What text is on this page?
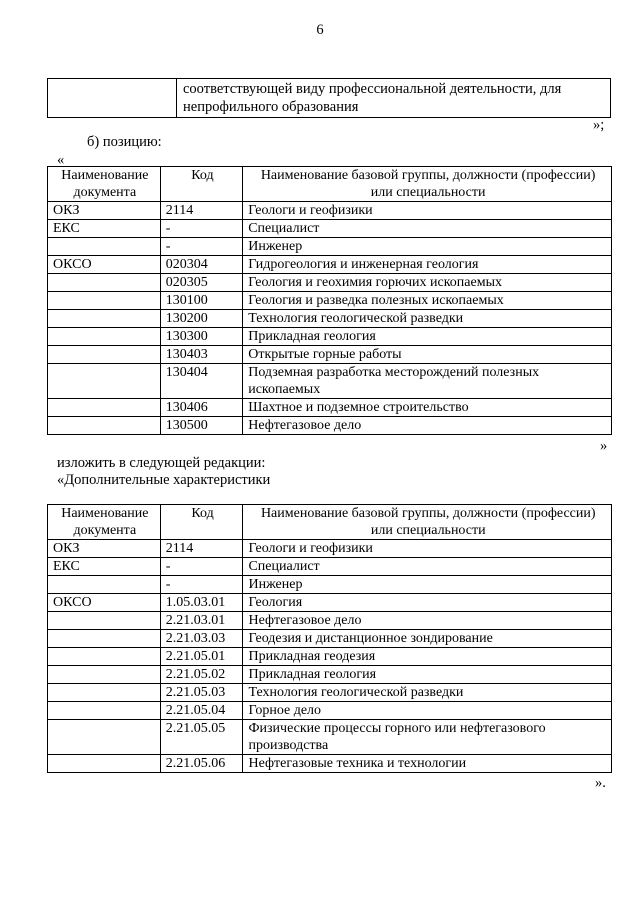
6
	соответствующей виду профессиональной деятельности, для непрофильного образования
»;
б) позицию:
«
Наименование документа	Код	Наименование базовой группы, должности (профессии) или специальности
ОКЗ	2114	Геологи и геофизики
ЕКС	-	Специалист
	-	Инженер
ОКСО	020304	Гидрогеология и инженерная геология
	020305	Геология и геохимия горючих ископаемых
	130100	Геология и разведка полезных ископаемых
	130200	Технология геологической разведки
	130300	Прикладная геология
	130403	Открытые горные работы
	130404	Подземная разработка месторождений полезных ископаемых
	130406	Шахтное и подземное строительство
	130500	Нефтегазовое дело
»
изложить в следующей редакции:
«Дополнительные характеристики
Наименование документа	Код	Наименование базовой группы, должности (профессии) или специальности
ОКЗ	2114	Геологи и геофизики
ЕКС	-	Специалист
	-	Инженер
ОКСО	1.05.03.01	Геология
	2.21.03.01	Нефтегазовое дело
	2.21.03.03	Геодезия и дистанционное зондирование
	2.21.05.01	Прикладная геодезия
	2.21.05.02	Прикладная геология
	2.21.05.03	Технология геологической разведки
	2.21.05.04	Горное дело
	2.21.05.05	Физические процессы горного или нефтегазового производства
	2.21.05.06	Нефтегазовые техника и технологии
».
